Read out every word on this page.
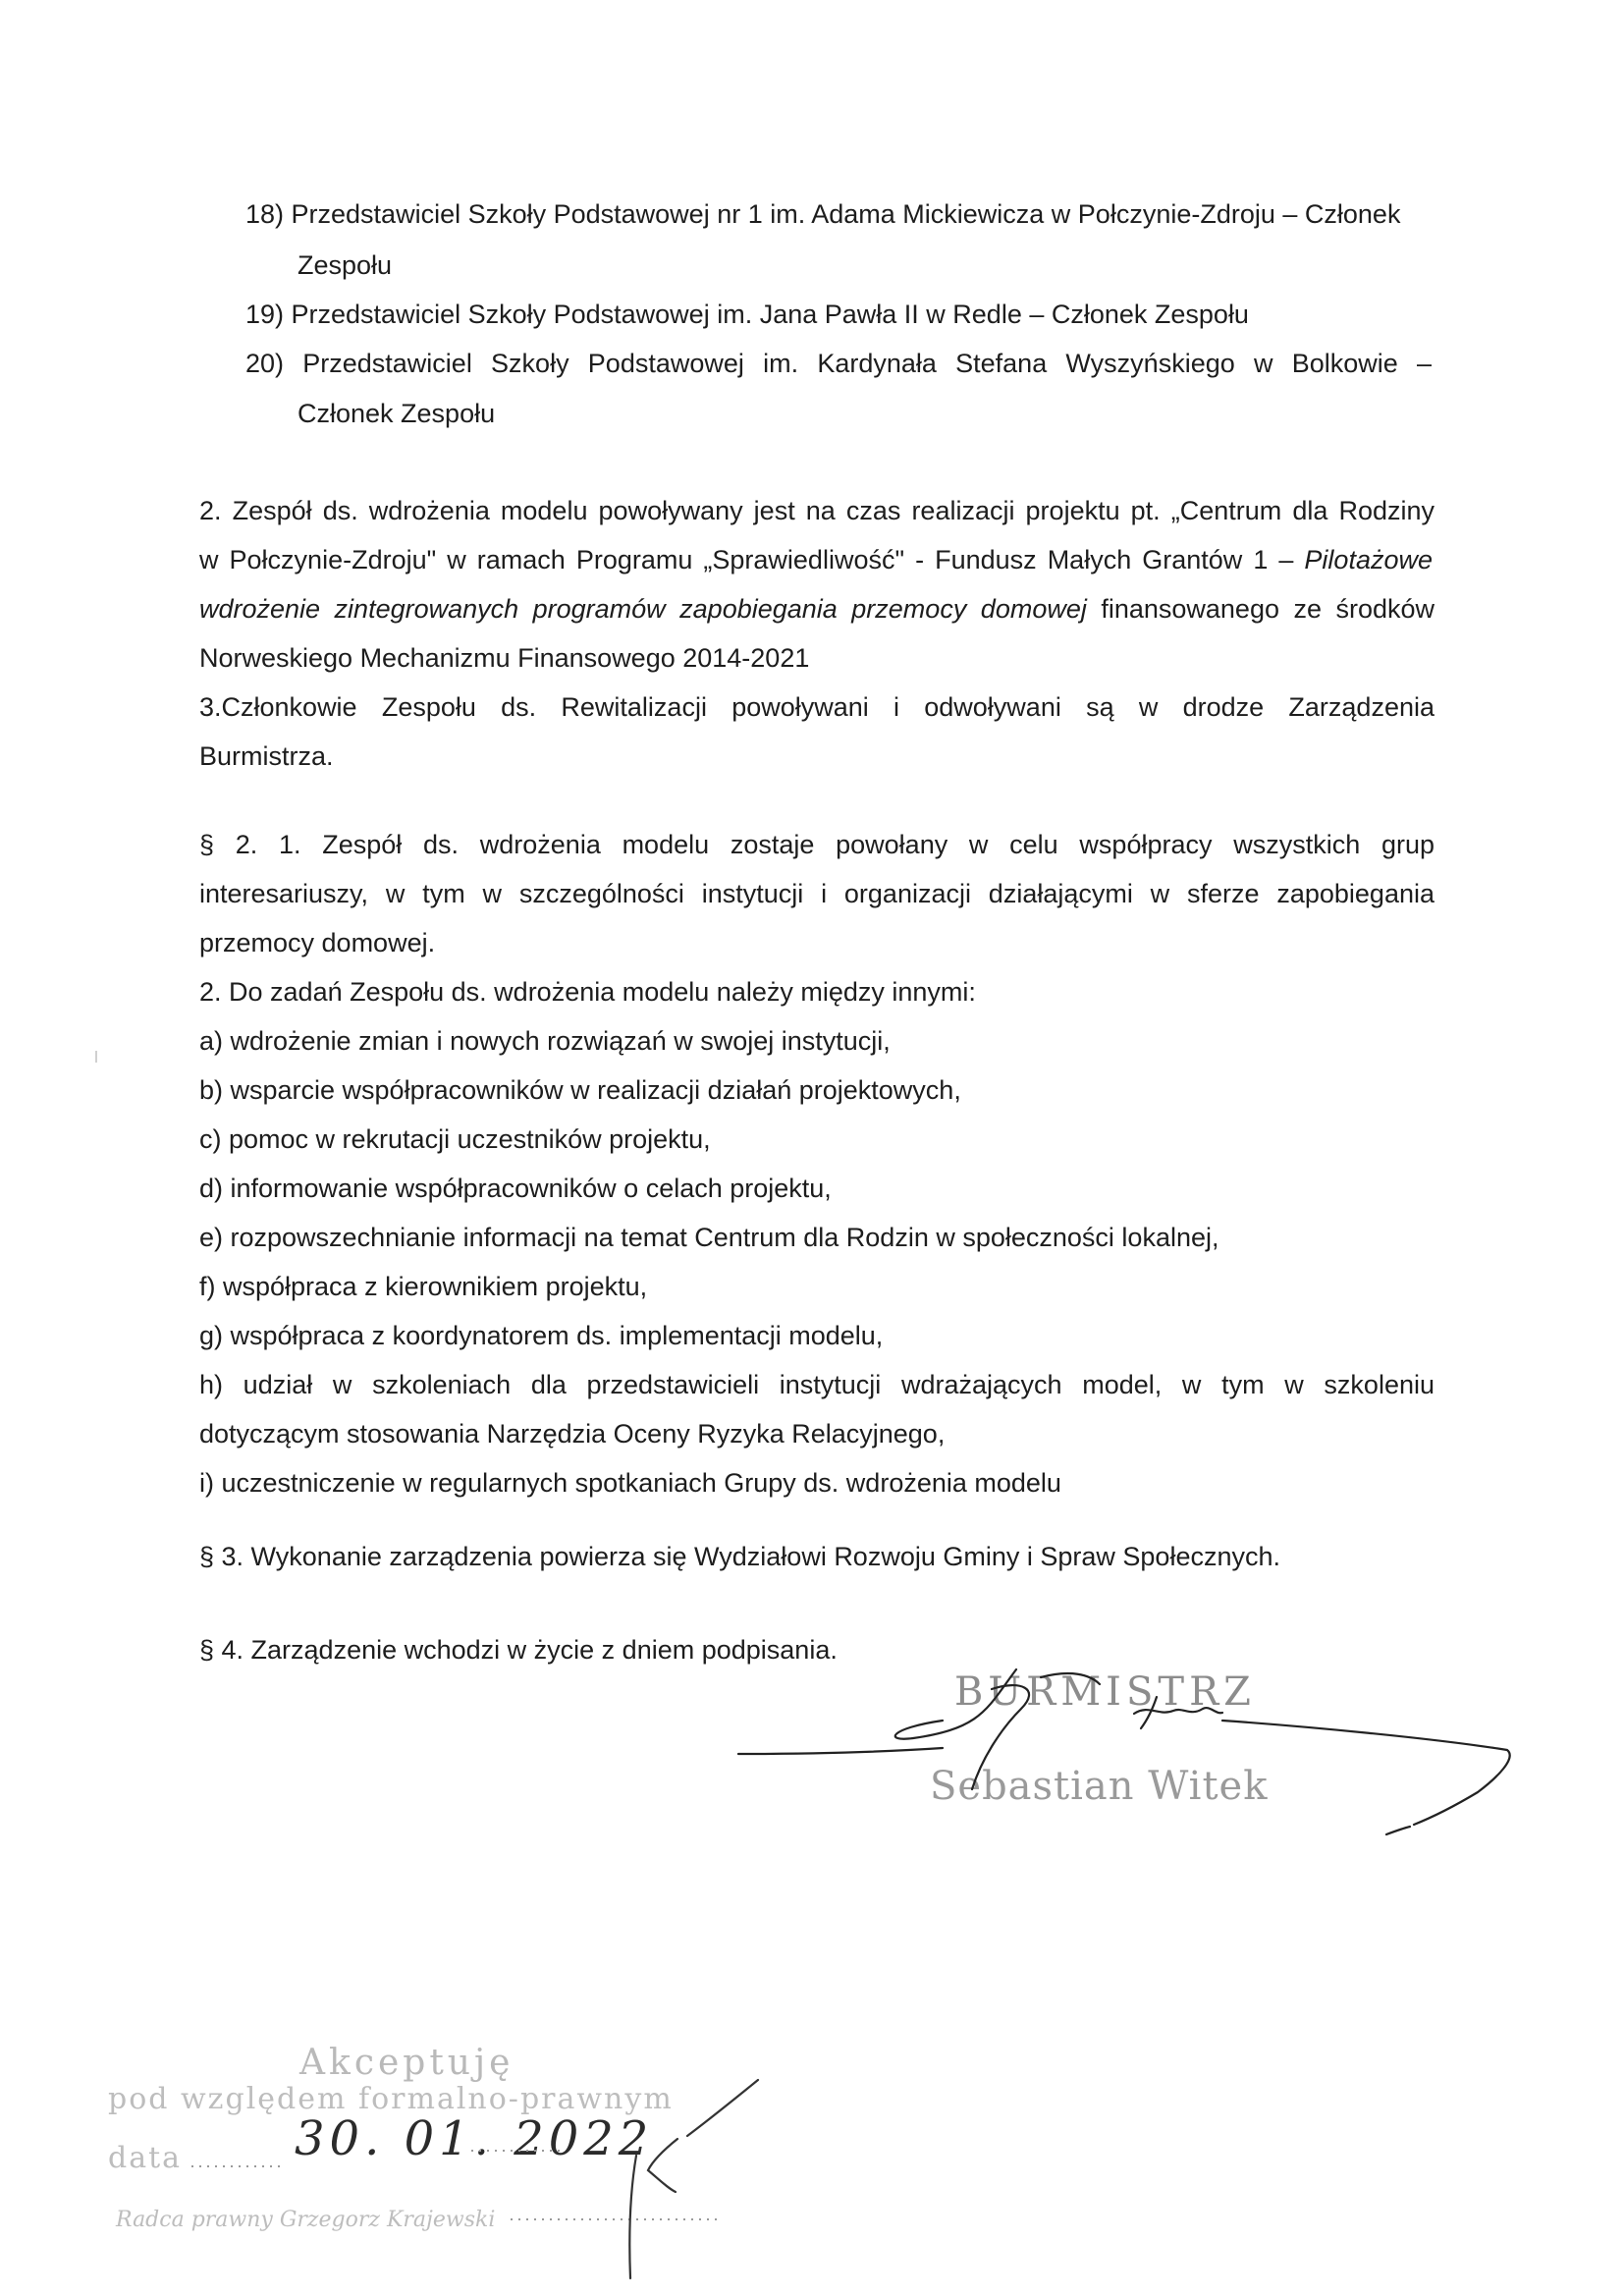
18) Przedstawiciel Szkoły Podstawowej nr 1 im. Adama Mickiewicza w Połczynie-Zdroju – Członek

Zespołu

19) Przedstawiciel Szkoły Podstawowej im. Jana Pawła II w Redle – Członek Zespołu

20) Przedstawiciel Szkoły Podstawowej im. Kardynała Stefana Wyszyńskiego w Bolkowie –

Członek Zespołu

2. Zespół ds. wdrożenia modelu powoływany jest na czas realizacji projektu pt. „Centrum dla Rodziny

w Połczynie-Zdroju" w ramach Programu „Sprawiedliwość" - Fundusz Małych Grantów 1 – Pilotażowe

wdrożenie zintegrowanych programów zapobiegania przemocy domowej finansowanego ze środków

Norweskiego Mechanizmu Finansowego 2014-2021

3.Członkowie Zespołu ds. Rewitalizacji powoływani i odwoływani są w drodze Zarządzenia

Burmistrza.

§ 2. 1. Zespół ds. wdrożenia modelu zostaje powołany w celu współpracy wszystkich grup

interesariuszy, w tym w szczególności instytucji i organizacji działającymi w sferze zapobiegania

przemocy domowej.

2. Do zadań Zespołu ds. wdrożenia modelu należy między innymi:

a) wdrożenie zmian i nowych rozwiązań w swojej instytucji,

b) wsparcie współpracowników w realizacji działań projektowych,

c) pomoc w rekrutacji uczestników projektu,

d) informowanie współpracowników o celach projektu,

e) rozpowszechnianie informacji na temat Centrum dla Rodzin w społeczności lokalnej,

f) współpraca z kierownikiem projektu,

g) współpraca z koordynatorem ds. implementacji modelu,

h) udział w szkoleniach dla przedstawicieli instytucji wdrażających model, w tym w szkoleniu

dotyczącym stosowania Narzędzia Oceny Ryzyka Relacyjnego,

i) uczestniczenie w regularnych spotkaniach Grupy ds. wdrożenia modelu

§ 3. Wykonanie zarządzenia powierza się Wydziałowi Rozwoju Gminy i Spraw Społecznych.

§ 4. Zarządzenie wchodzi w życie z dniem podpisania.

BURMISTRZ
Sebastian Witek
Akceptuję
pod względem formalno-prawnym
data 30. 01. 2022
Radca prawny Grzegorz Krajewski
